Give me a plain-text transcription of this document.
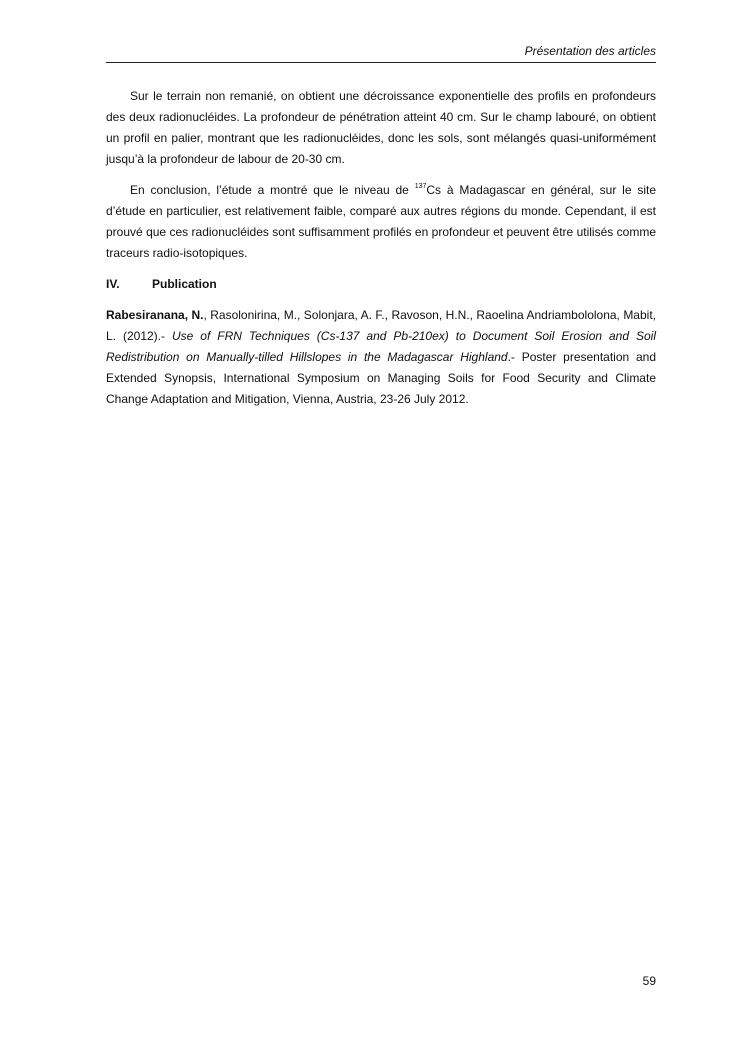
Présentation des articles

Sur le terrain non remanié, on obtient une décroissance exponentielle des profils en profondeurs des deux radionucléides. La profondeur de pénétration atteint 40 cm. Sur le champ labouré, on obtient un profil en palier, montrant que les radionucléides, donc les sols, sont mélangés quasi-uniformément jusqu’à la profondeur de labour de 20-30 cm.

En conclusion, l’étude a montré que le niveau de $^{137}$Cs à Madagascar en général, sur le site d’étude en particulier, est relativement faible, comparé aux autres régions du monde. Cependant, il est prouvé que ces radionucléides sont suffisamment profilés en profondeur et peuvent être utilisés comme traceurs radio-isotopiques.

IV.	Publication

Rabesiranana, N., Rasolonirina, M., Solonjara, A. F., Ravoson, H.N., Raoelina Andriambololona, Mabit, L. (2012).- Use of FRN Techniques (Cs-137 and Pb-210ex) to Document Soil Erosion and Soil Redistribution on Manually-tilled Hillslopes in the Madagascar Highland.- Poster presentation and Extended Synopsis, International Symposium on Managing Soils for Food Security and Climate Change Adaptation and Mitigation, Vienna, Austria, 23-26 July 2012.

59
